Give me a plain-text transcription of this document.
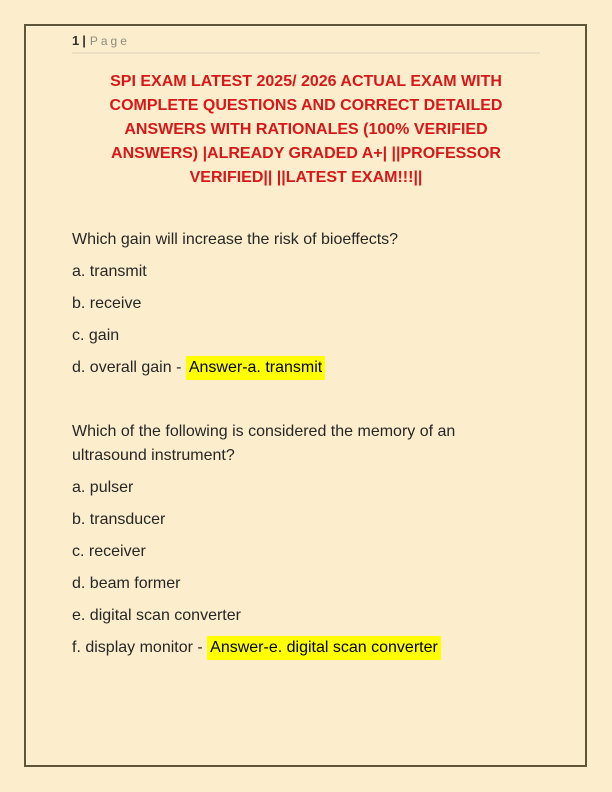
1 | Page
SPI EXAM LATEST 2025/ 2026 ACTUAL EXAM WITH
COMPLETE QUESTIONS AND CORRECT DETAILED
ANSWERS WITH RATIONALES (100% VERIFIED
ANSWERS) |ALREADY GRADED A+| ||PROFESSOR
VERIFIED|| ||LATEST EXAM!!!||

Which gain will increase the risk of bioeffects?

a. transmit

b. receive

c. gain

d. overall gain - Answer-a. transmit

Which of the following is considered the memory of an
ultrasound instrument?

a. pulser

b. transducer

c. receiver

d. beam former

e. digital scan converter

f. display monitor - Answer-e. digital scan converter
